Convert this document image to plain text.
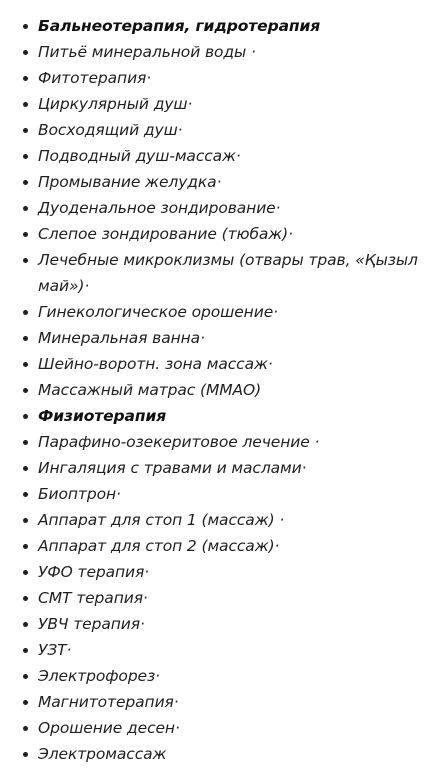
Бальнеотерапия, гидротерапия
Питьё минеральной воды ·
Фитотерапия·
Циркулярный душ·
Восходящий душ·
Подводный душ-массаж·
Промывание желудка·
Дуоденальное зондирование·
Слепое зондирование (тюбаж)·
Лечебные микроклизмы (отвары трав, «Қызыл май»)·
Гинекологическое орошение·
Минеральная ванна·
Шейно-воротн. зона массаж·
Массажный матрас (ММАО)
Физиотерапия
Парафино-озекеритовое лечение ·
Ингаляция с травами и маслами·
Биоптрон·
Аппарат для стоп 1 (массаж) ·
Аппарат для стоп 2 (массаж)·
УФО терапия·
СМТ терапия·
УВЧ терапия·
УЗТ·
Электрофорез·
Магнитотерапия·
Орошение десен·
Электромассаж
